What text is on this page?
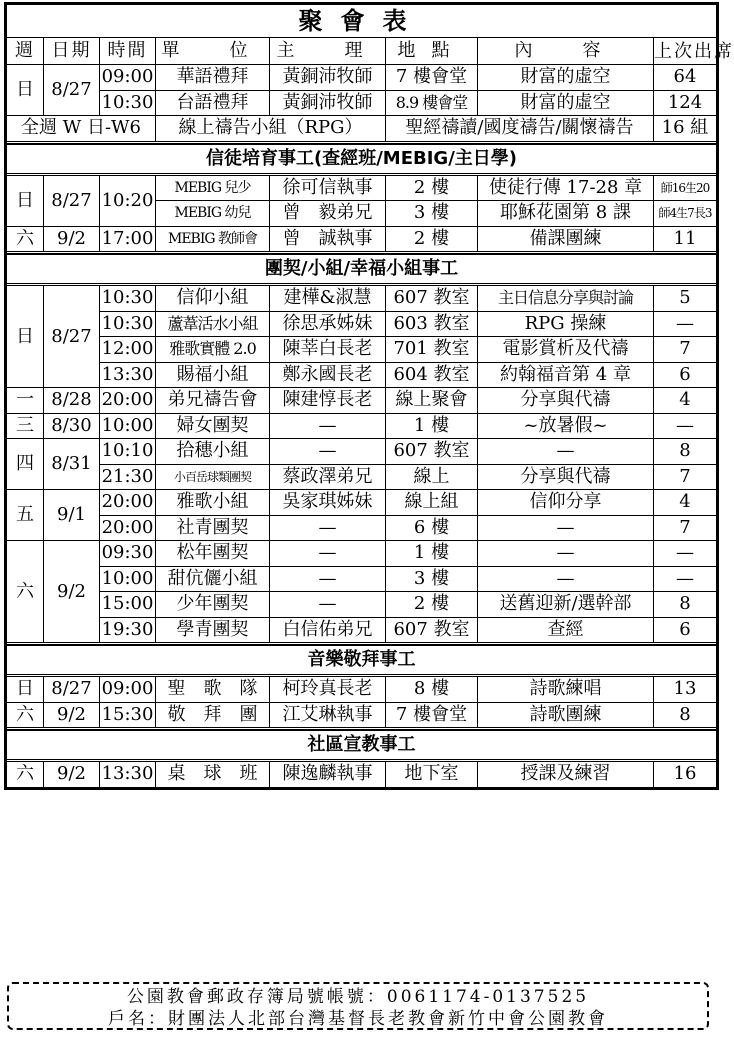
聚會表							
週	日期	時間	單　位	主　理	地點	內　容	上次出席
日	8/27	09:00	華語禮拜	黃銅沛牧師	7 樓會堂	財富的虛空	64
		10:30	台語禮拜	黃銅沛牧師	8.9 樓會堂	財富的虛空	124
全週 W 日-W6			線上禱告小組（RPG）		聖經禱讀/國度禱告/關懷禱告		16 組

信徒培育事工(查經班/MEBIG/主日學)							

日	8/27	10:20	MEBIG 兒少	徐可信執事	2 樓	使徒行傳 17-28 章	師16生20
			MEBIG 幼兒	曾　毅弟兄	3 樓	耶穌花園第 8 課	師4生7長3
六	9/2	17:00	MEBIG 教師會	曾　誠執事	2 樓	備課團練	11

團契/小組/幸福小組事工							

日	8/27	10:30	信仰小組	建樺&淑慧	607 教室	主日信息分享與討論	5
		10:30	蘆葦活水小組	徐思承姊妹	603 教室	RPG 操練	—
		12:00	雅歌實體 2.0	陳莘白長老	701 教室	電影賞析及代禱	7
		13:30	賜福小組	鄭永國長老	604 教室	約翰福音第 4 章	6
一	8/28	20:00	弟兄禱告會	陳建惇長老	線上聚會	分享與代禱	4
三	8/30	10:00	婦女團契	—	1 樓	~放暑假~	—
四	8/31	10:10	拾穗小組	—	607 教室	—	8
		21:30	小百岳球類團契	蔡政澤弟兄	線上	分享與代禱	7
五	9/1	20:00	雅歌小組	吳家琪姊妹	線上組	信仰分享	4
		20:00	社青團契	—	6 樓	—	7
六	9/2	09:30	松年團契	—	1 樓	—	—
		10:00	甜伉儷小組	—	3 樓	—	—
		15:00	少年團契	—	2 樓	送舊迎新/選幹部	8
		19:30	學青團契	白信佑弟兄	607 教室	查經	6

音樂敬拜事工							

日	8/27	09:00	聖　歌　隊	柯玲真長老	8 樓	詩歌練唱	13
六	9/2	15:30	敬　拜　團	江艾琳執事	7 樓會堂	詩歌團練	8

社區宣教事工							

六	9/2	13:30	桌　球　班	陳逸麟執事	地下室	授課及練習	16
公園教會郵政存簿局號帳號：0061174-0137525
戶名：財團法人北部台灣基督長老教會新竹中會公園教會
